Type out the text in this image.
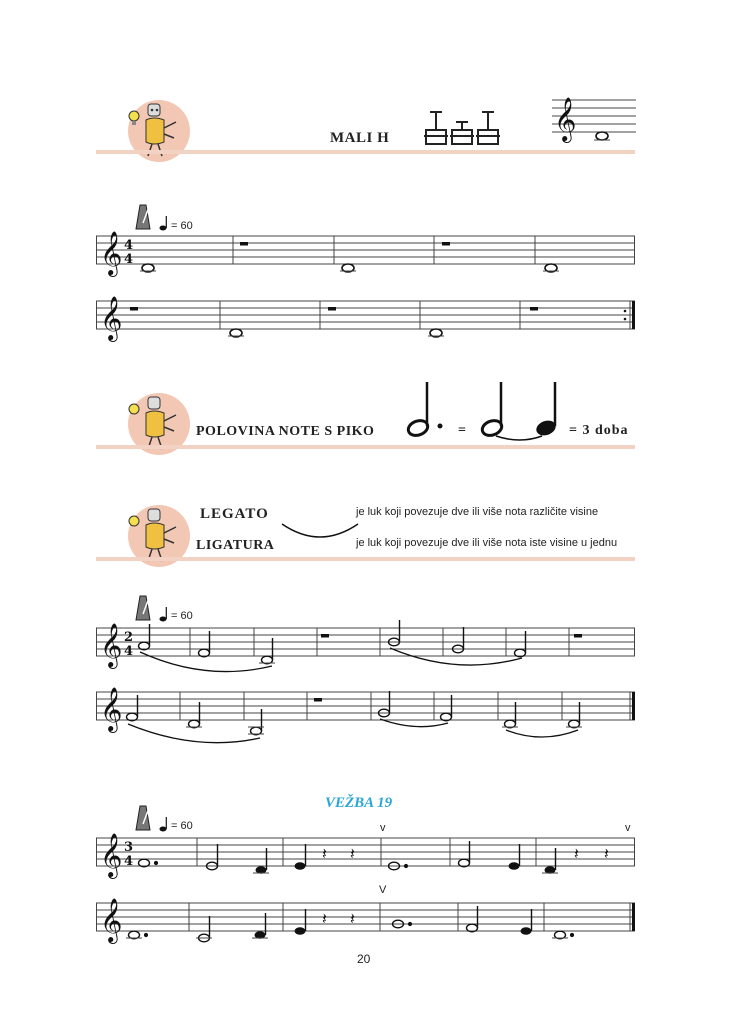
MALI H	𝄞
= 60
𝄞 4
4
𝄞
POLOVINA NOTE S PIKO	=	= 3 doba
LEGATO	je luk koji povezuje dve ili više nota različite visine
LIGATURA	je luk koji povezuje dve ili više nota iste visine u jednu
= 60
𝄞 2
4
𝄞
VEŽBA 19
= 60	v	v
𝄞 3
4	𝄽 𝄽	𝄽 𝄽
V
𝄞	𝄽 𝄽
20
